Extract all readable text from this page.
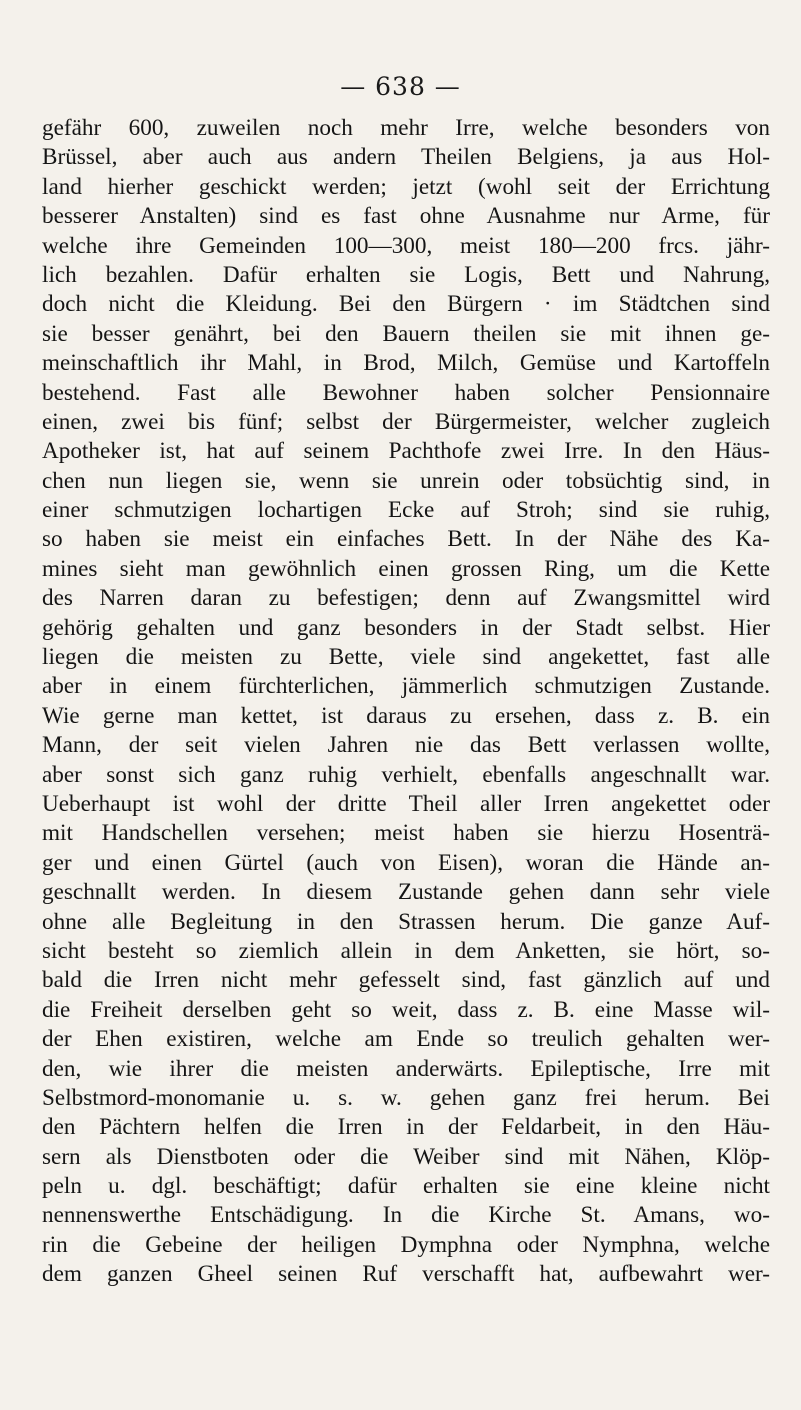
— 638 —
gefähr 600, zuweilen noch mehr Irre, welche besonders von
Brüssel, aber auch aus andern Theilen Belgiens, ja aus Hol-
land hierher geschickt werden; jetzt (wohl seit der Errichtung
besserer Anstalten) sind es fast ohne Ausnahme nur Arme, für
welche ihre Gemeinden 100—300, meist 180—200 frcs. jähr-
lich bezahlen. Dafür erhalten sie Logis, Bett und Nahrung,
doch nicht die Kleidung. Bei den Bürgern · im Städtchen sind
sie besser genährt, bei den Bauern theilen sie mit ihnen ge-
meinschaftlich ihr Mahl, in Brod, Milch, Gemüse und Kartoffeln
bestehend. Fast alle Bewohner haben solcher Pensionnaire
einen, zwei bis fünf; selbst der Bürgermeister, welcher zugleich
Apotheker ist, hat auf seinem Pachthofe zwei Irre. In den Häus-
chen nun liegen sie, wenn sie unrein oder tobsüchtig sind, in
einer schmutzigen lochartigen Ecke auf Stroh; sind sie ruhig,
so haben sie meist ein einfaches Bett. In der Nähe des Ka-
mines sieht man gewöhnlich einen grossen Ring, um die Kette
des Narren daran zu befestigen; denn auf Zwangsmittel wird
gehörig gehalten und ganz besonders in der Stadt selbst. Hier
liegen die meisten zu Bette, viele sind angekettet, fast alle
aber in einem fürchterlichen, jämmerlich schmutzigen Zustande.
Wie gerne man kettet, ist daraus zu ersehen, dass z. B. ein
Mann, der seit vielen Jahren nie das Bett verlassen wollte,
aber sonst sich ganz ruhig verhielt, ebenfalls angeschnallt war.
Ueberhaupt ist wohl der dritte Theil aller Irren angekettet oder
mit Handschellen versehen; meist haben sie hierzu Hosenträ-
ger und einen Gürtel (auch von Eisen), woran die Hände an-
geschnallt werden. In diesem Zustande gehen dann sehr viele
ohne alle Begleitung in den Strassen herum. Die ganze Auf-
sicht besteht so ziemlich allein in dem Anketten, sie hört, so-
bald die Irren nicht mehr gefesselt sind, fast gänzlich auf und
die Freiheit derselben geht so weit, dass z. B. eine Masse wil-
der Ehen existiren, welche am Ende so treulich gehalten wer-
den, wie ihrer die meisten anderwärts. Epileptische, Irre mit
Selbstmord-monomanie u. s. w. gehen ganz frei herum. Bei
den Pächtern helfen die Irren in der Feldarbeit, in den Häu-
sern als Dienstboten oder die Weiber sind mit Nähen, Klöp-
peln u. dgl. beschäftigt; dafür erhalten sie eine kleine nicht
nennenswerthe Entschädigung. In die Kirche St. Amans, wo-
rin die Gebeine der heiligen Dymphna oder Nymphna, welche
dem ganzen Gheel seinen Ruf verschafft hat, aufbewahrt wer-
